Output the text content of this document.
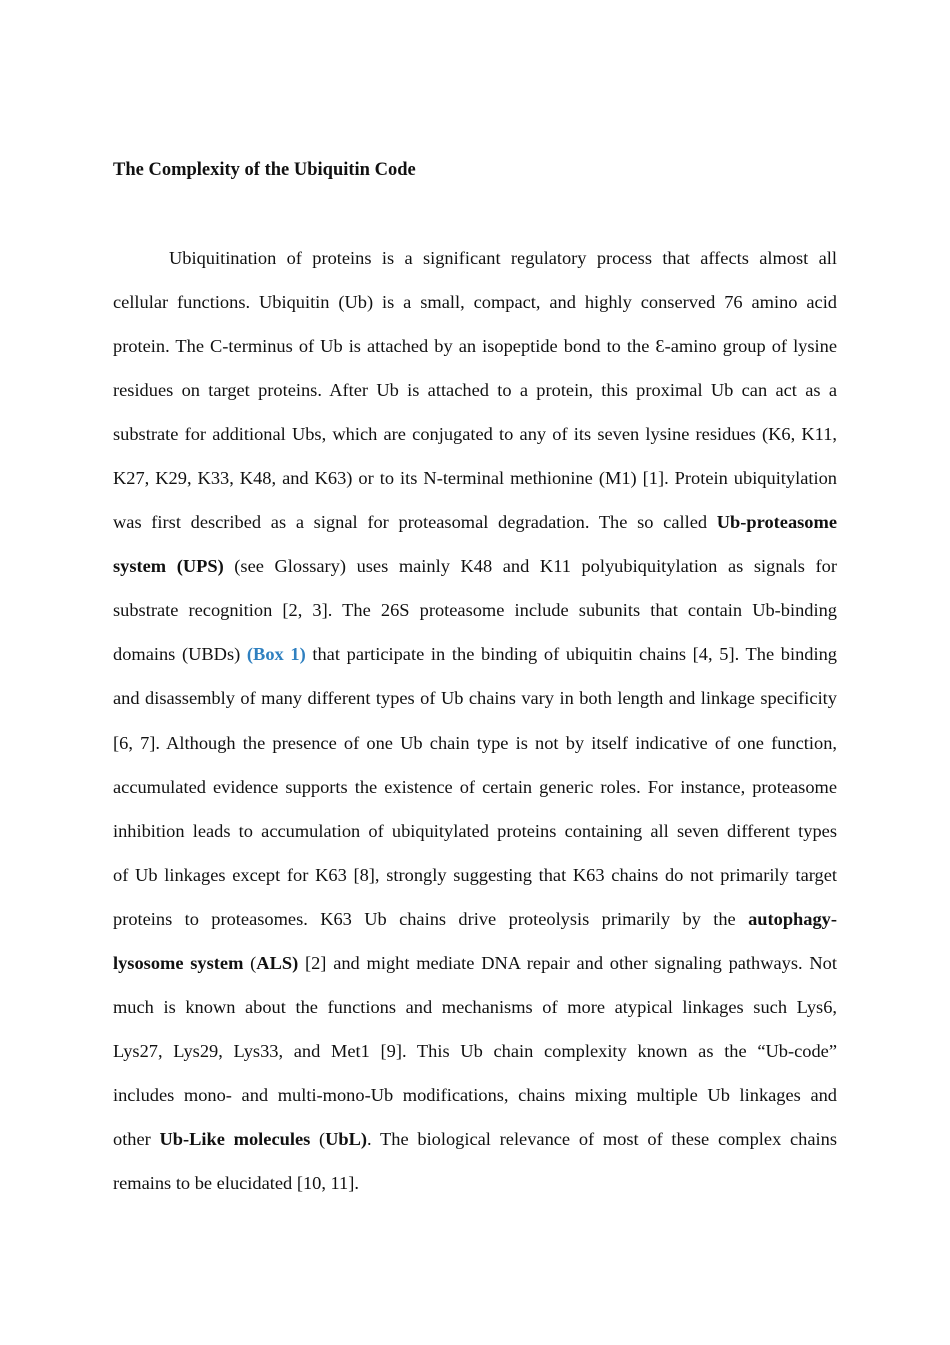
The Complexity of the Ubiquitin Code
Ubiquitination of proteins is a significant regulatory process that affects almost all
cellular functions. Ubiquitin (Ub) is a small, compact, and highly conserved 76 amino acid
protein. The C-terminus of Ub is attached by an isopeptide bond to the Ɛ-amino group of lysine
residues on target proteins. After Ub is attached to a protein, this proximal Ub can act as a
substrate for additional Ubs, which are conjugated to any of its seven lysine residues (K6, K11,
K27, K29, K33, K48, and K63) or to its N-terminal methionine (M1) [1]. Protein ubiquitylation
was first described as a signal for proteasomal degradation. The so called Ub-proteasome
system (UPS) (see Glossary) uses mainly K48 and K11 polyubiquitylation as signals for
substrate recognition [2, 3]. The 26S proteasome include subunits that contain Ub-binding
domains (UBDs) (Box 1) that participate in the binding of ubiquitin chains [4, 5]. The binding
and disassembly of many different types of Ub chains vary in both length and linkage specificity
[6, 7]. Although the presence of one Ub chain type is not by itself indicative of one function,
accumulated evidence supports the existence of certain generic roles. For instance, proteasome
inhibition leads to accumulation of ubiquitylated proteins containing all seven different types
of Ub linkages except for K63 [8], strongly suggesting that K63 chains do not primarily target
proteins to proteasomes. K63 Ub chains drive proteolysis primarily by the autophagy-
lysosome system (ALS) [2] and might mediate DNA repair and other signaling pathways. Not
much is known about the functions and mechanisms of more atypical linkages such Lys6,
Lys27, Lys29, Lys33, and Met1 [9]. This Ub chain complexity known as the “Ub-code”
includes mono- and multi-mono-Ub modifications, chains mixing multiple Ub linkages and
other Ub-Like molecules (UbL). The biological relevance of most of these complex chains
remains to be elucidated [10, 11].
